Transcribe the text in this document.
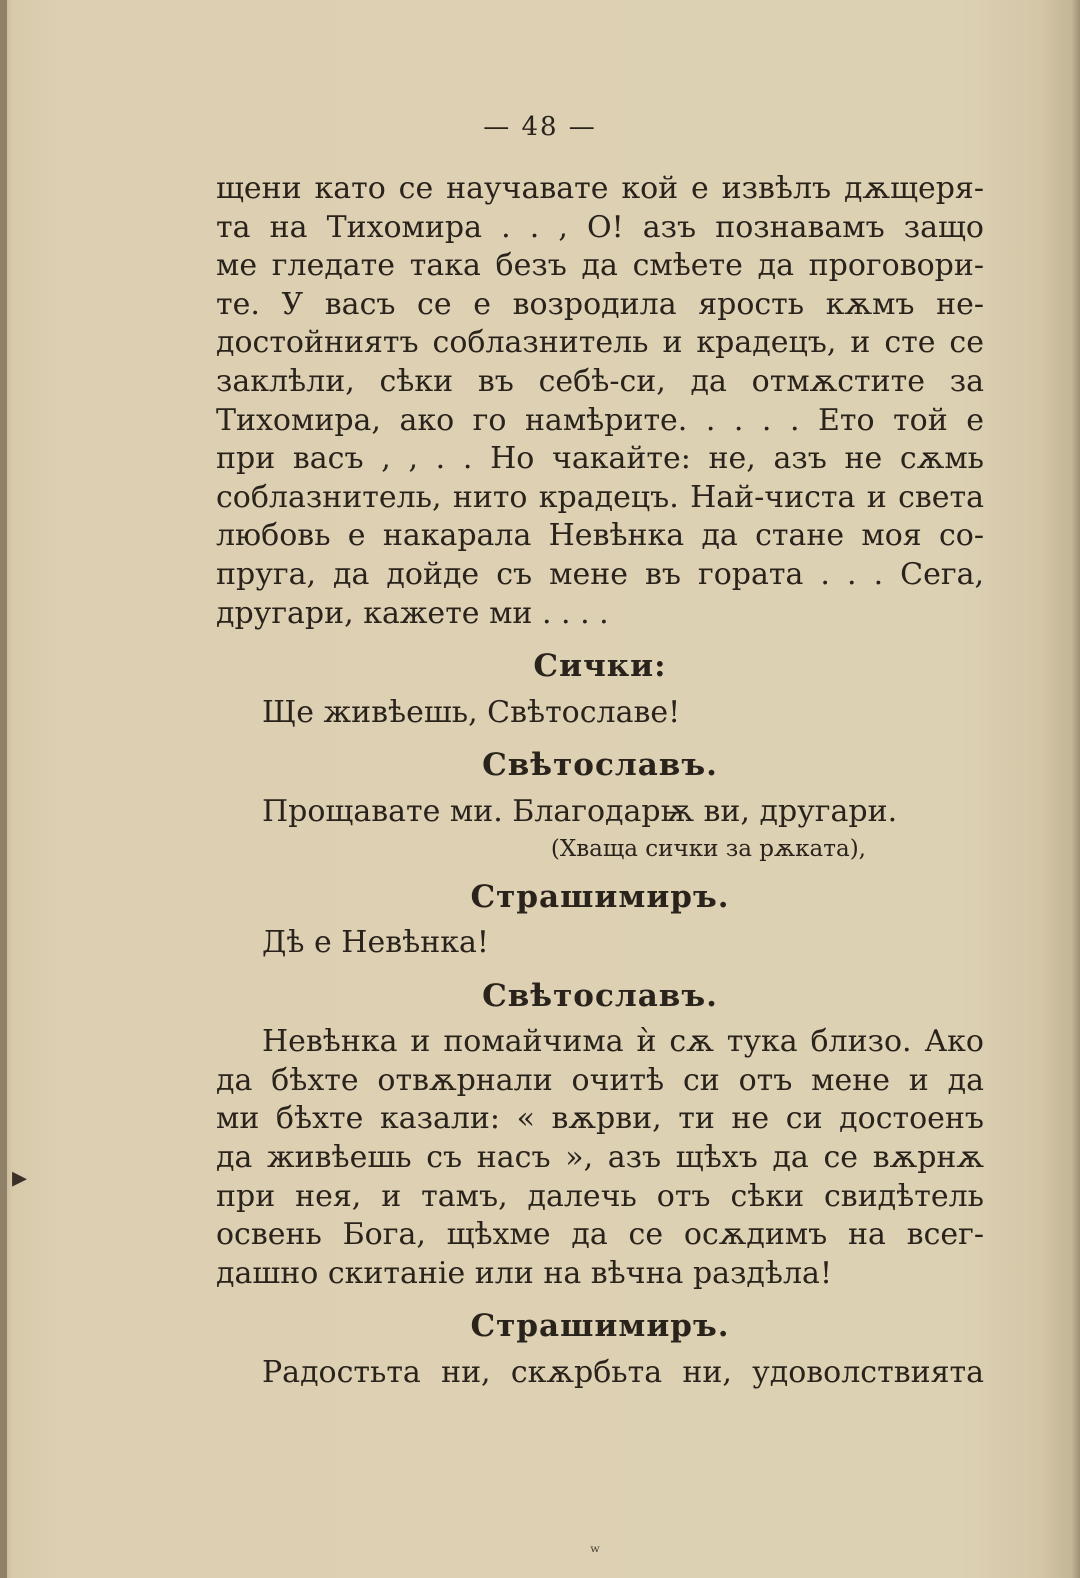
— 48 —
щени като се научавате кой е извѣлъ дѫщеря-
та на Тихомира . . , О! азъ познавамъ защо
ме гледате така безъ да смѣете да проговори-
те. У васъ се е возродила ярость кѫмъ не-
достойниятъ соблазнитель и крадецъ, и сте се
заклѣли, сѣки въ себѣ-си, да отмѫстите за
Тихомира, ако го намѣрите. . . . . Ето той е
при васъ , , . . Но чакайте: не, азъ не сѫмь
соблазнитель, нито крадецъ. Най-чиста и света
любовь е накарала Невѣнка да стане моя со-
пруга, да дойде съ мене въ гората . . . Сега,
другари, кажете ми . . . .
Сички:
Ще живѣешь, Свѣтославе!
Свѣтославъ.
Прощавате ми. Благодарѭ ви, другари.
(Хваща сички за рѫката),
Страшимиръ.
Дѣ е Невѣнка!
Свѣтославъ.
Невѣнка и помайчима ѝ сѫ тука близо. Ако
да бѣхте отвѫрнали очитѣ си отъ мене и да
ми бѣхте казали: « вѫрви, ти не си достоенъ
да живѣешь съ насъ », азъ щѣхъ да се вѫрнѫ
при нея, и тамъ, далечь отъ сѣки свидѣтель
освень Бога, щѣхме да се осѫдимъ на всег-
дашно скитаніе или на вѣчна раздѣла!
Страшимиръ.
Радостьта ни, скѫрбьта ни, удоволствията
▸
ʷ
